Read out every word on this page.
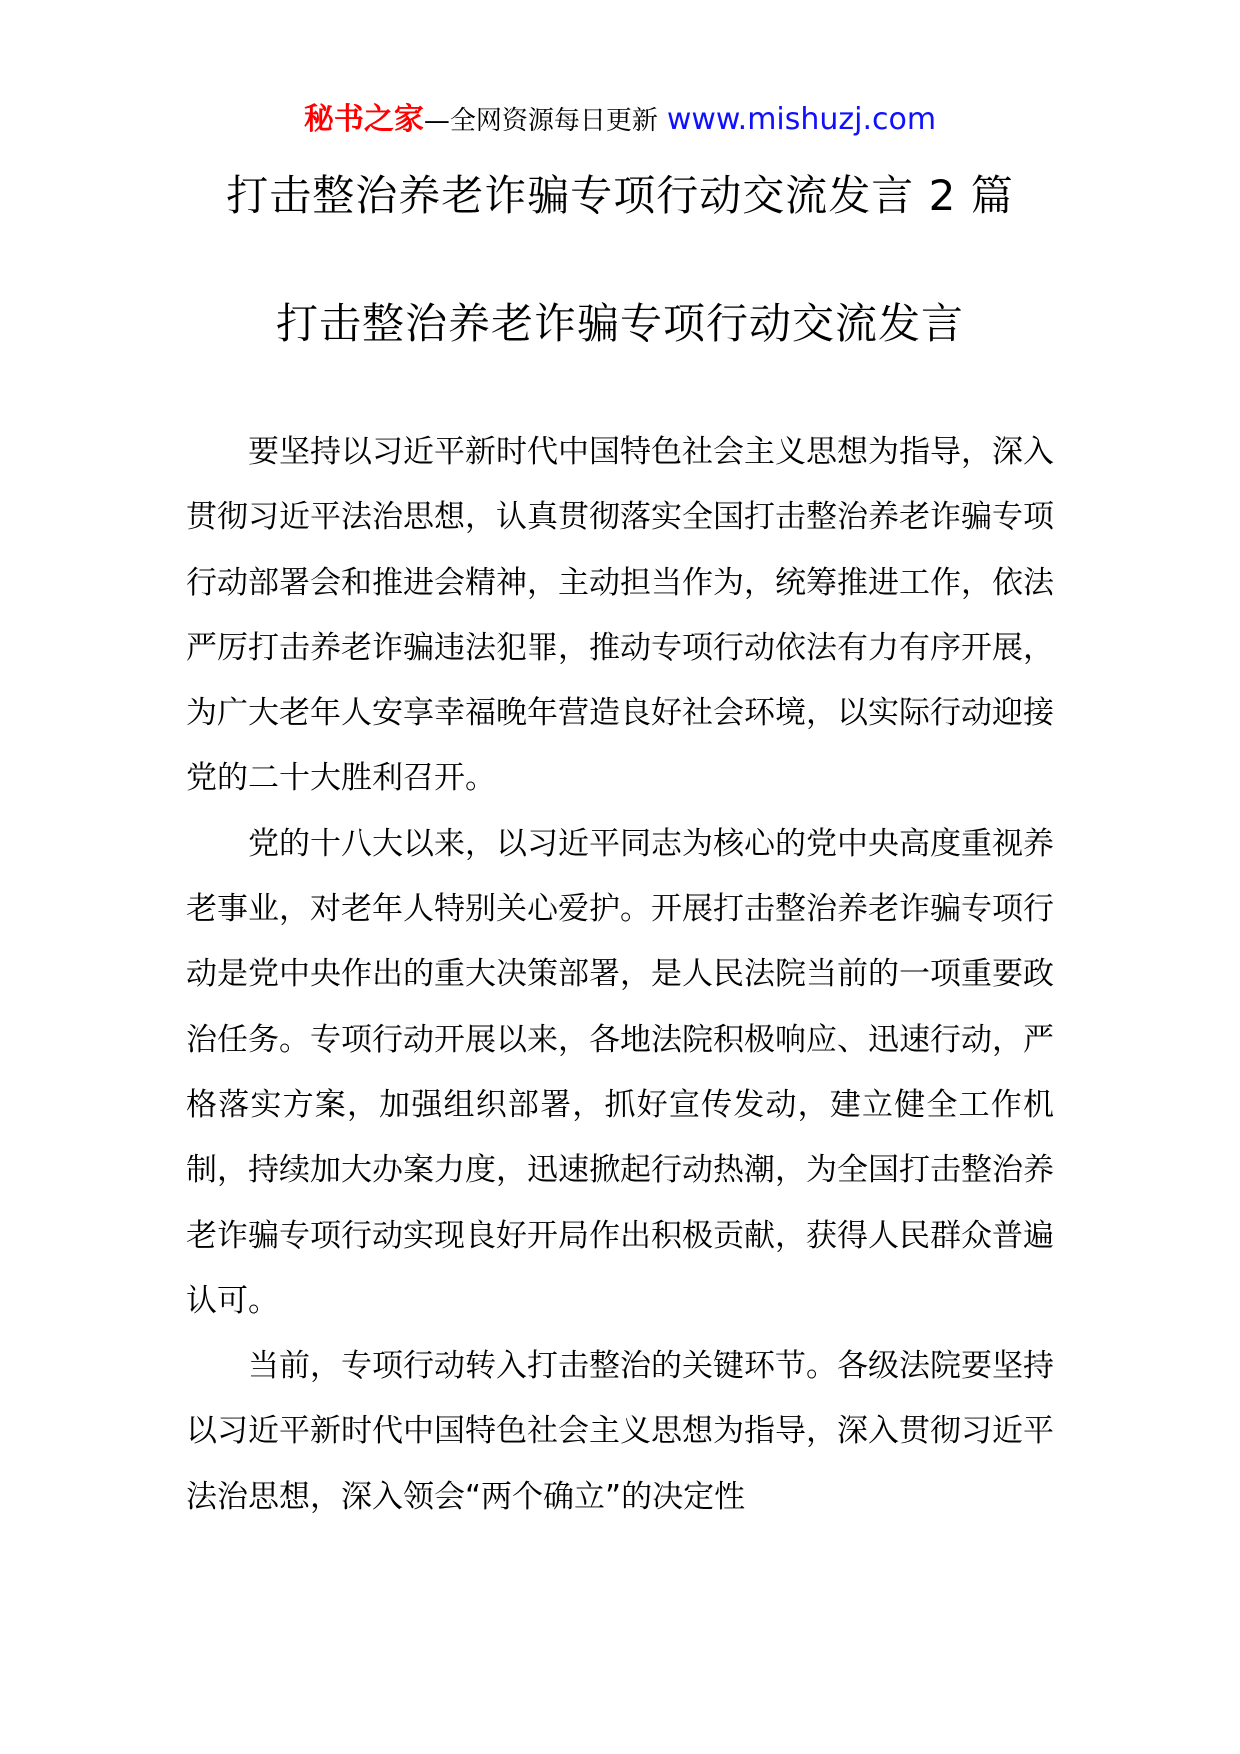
秘书之家—全网资源每日更新 www.mishuzj.com
打击整治养老诈骗专项行动交流发言 2 篇
打击整治养老诈骗专项行动交流发言

要坚持以习近平新时代中国特色社会主义思想为指导，深入贯彻习近平法治思想，认真贯彻落实全国打击整治养老诈骗专项行动部署会和推进会精神，主动担当作为，统筹推进工作，依法严厉打击养老诈骗违法犯罪，推动专项行动依法有力有序开展，为广大老年人安享幸福晚年营造良好社会环境，以实际行动迎接党的二十大胜利召开。

党的十八大以来，以习近平同志为核心的党中央高度重视养老事业，对老年人特别关心爱护。开展打击整治养老诈骗专项行动是党中央作出的重大决策部署，是人民法院当前的一项重要政治任务。专项行动开展以来，各地法院积极响应、迅速行动，严格落实方案，加强组织部署，抓好宣传发动，建立健全工作机制，持续加大办案力度，迅速掀起行动热潮，为全国打击整治养老诈骗专项行动实现良好开局作出积极贡献，获得人民群众普遍认可。

当前，专项行动转入打击整治的关键环节。各级法院要坚持以习近平新时代中国特色社会主义思想为指导，深入贯彻习近平法治思想，深入领会“两个确立”的决定性
